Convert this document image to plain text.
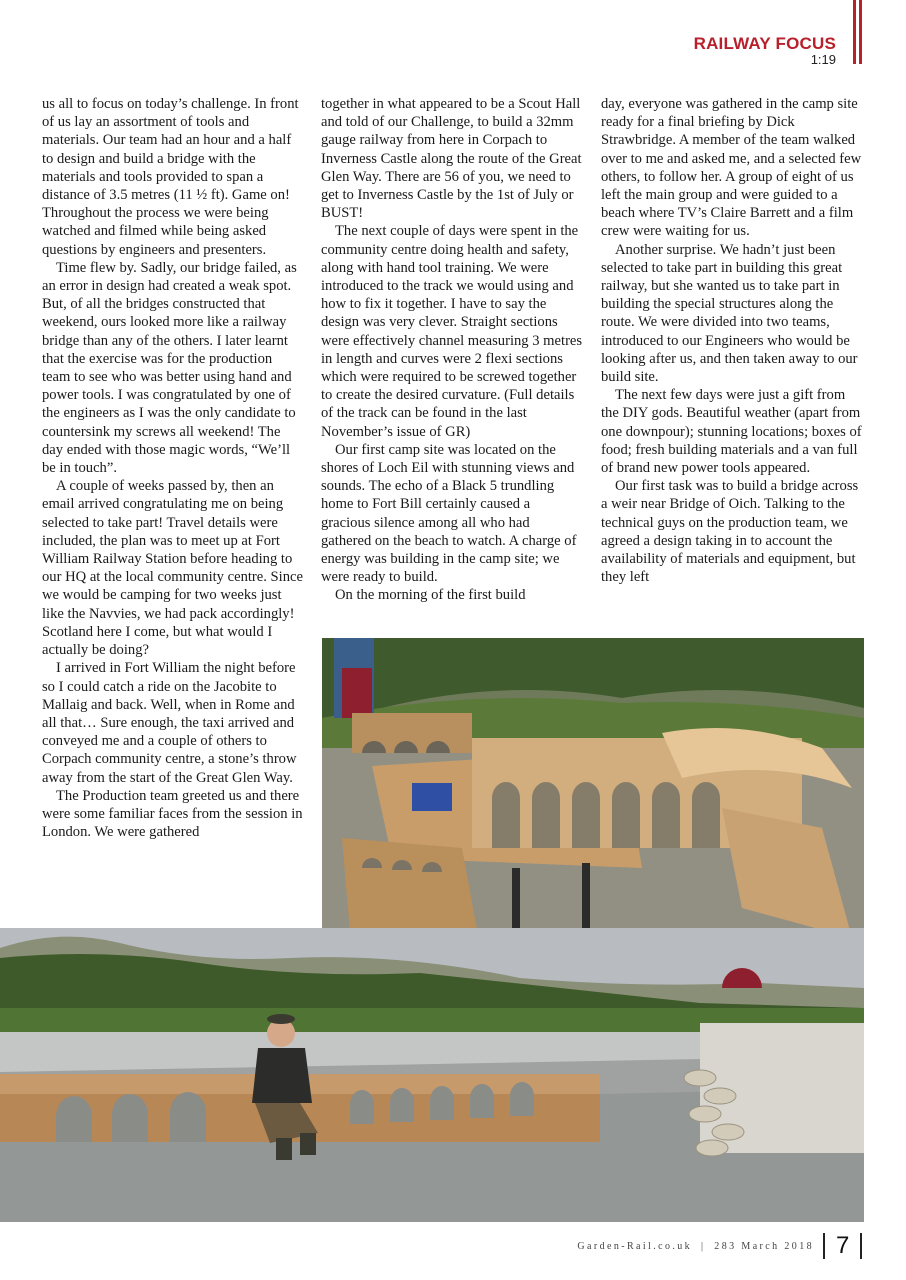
RAILWAY FOCUS
1:19

us all to focus on today’s challenge. In front of us lay an assortment of tools and materials. Our team had an hour and a half to design and build a bridge with the materials and tools provided to span a distance of 3.5 metres (11 ½ ft). Game on! Throughout the process we were being watched and filmed while being asked questions by engineers and presenters.

Time flew by. Sadly, our bridge failed, as an error in design had created a weak spot. But, of all the bridges constructed that weekend, ours looked more like a railway bridge than any of the others. I later learnt that the exercise was for the production team to see who was better using hand and power tools. I was congratulated by one of the engineers as I was the only candidate to countersink my screws all weekend! The day ended with those magic words, “We’ll be in touch”.

A couple of weeks passed by, then an email arrived congratulating me on being selected to take part! Travel details were included, the plan was to meet up at Fort William Railway Station before heading to our HQ at the local community centre. Since we would be camping for two weeks just like the Navvies, we had pack accordingly! Scotland here I come, but what would I actually be doing?

I arrived in Fort William the night before so I could catch a ride on the Jacobite to Mallaig and back. Well, when in Rome and all that… Sure enough, the taxi arrived and conveyed me and a couple of others to Corpach community centre, a stone’s throw away from the start of the Great Glen Way.

The Production team greeted us and there were some familiar faces from the session in London. We were gathered

together in what appeared to be a Scout Hall and told of our Challenge, to build a 32mm gauge railway from here in Corpach to Inverness Castle along the route of the Great Glen Way. There are 56 of you, we need to get to Inverness Castle by the 1st of July or BUST!

The next couple of days were spent in the community centre doing health and safety, along with hand tool training. We were introduced to the track we would using and how to fix it together. I have to say the design was very clever. Straight sections were effectively channel measuring 3 metres in length and curves were 2 flexi sections which were required to be screwed together to create the desired curvature. (Full details of the track can be found in the last November’s issue of GR)

Our first camp site was located on the shores of Loch Eil with stunning views and sounds. The echo of a Black 5 trundling home to Fort Bill certainly caused a gracious silence among all who had gathered on the beach to watch. A charge of energy was building in the camp site; we were ready to build.

On the morning of the first build

day, everyone was gathered in the camp site ready for a final briefing by Dick Strawbridge. A member of the team walked over to me and asked me, and a selected few others, to follow her. A group of eight of us left the main group and were guided to a beach where TV’s Claire Barrett and a film crew were waiting for us.

Another surprise. We hadn’t just been selected to take part in building this great railway, but she wanted us to take part in building the special structures along the route. We were divided into two teams, introduced to our Engineers who would be looking after us, and then taken away to our build site.

The next few days were just a gift from the DIY gods. Beautiful weather (apart from one downpour); stunning locations; boxes of food; fresh building materials and a van full of brand new power tools appeared.

Our first task was to build a bridge across a weir near Bridge of Oich. Talking to the technical guys on the production team, we agreed a design taking in to account the availability of materials and equipment, but they left

Garden-Rail.co.uk | 283 March 2018 7
